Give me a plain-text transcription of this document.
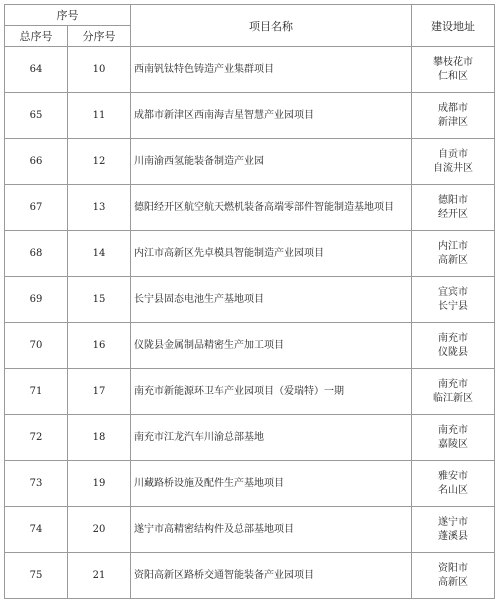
序号		项目名称	建设地址
总序号	分序号		
64	10	西南钒钛特色铸造产业集群项目	攀枝花市
仁和区

65	11	成都市新津区西南海吉星智慧产业园项目	成都市
新津区

66	12	川南渝西氢能装备制造产业园	自贡市
自流井区

67	13	德阳经开区航空航天燃机装备高端零部件智能制造基地项目	德阳市
经开区

68	14	内江市高新区先卓模具智能制造产业园项目	内江市
高新区

69	15	长宁县固态电池生产基地项目	宜宾市
长宁县

70	16	仪陇县金属制品精密生产加工项目	南充市
仪陇县

71	17	南充市新能源环卫车产业园项目（爱瑞特）一期	南充市
临江新区

72	18	南充市江龙汽车川渝总部基地	南充市
嘉陵区

73	19	川藏路桥设施及配件生产基地项目	雅安市
名山区

74	20	遂宁市高精密结构件及总部基地项目	遂宁市
蓬溪县

75	21	资阳高新区路桥交通智能装备产业园项目	资阳市
高新区
